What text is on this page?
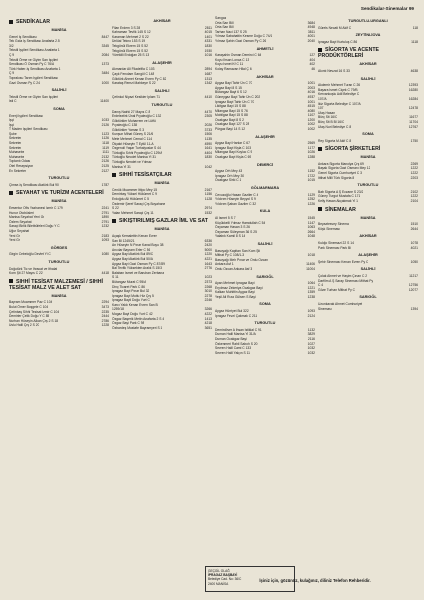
Sendikalar-Sinemalar 99
SENDİKALAR
MANİSA
Genel İş Sendikası	8447
Tek Gıda İş Sendikası Anafarta 2.5
3/2	3345
Tekstil İşçileri Sendikası Anafarta 1
Ç 9	2084
Tekstil Örme ve Giyim San İşçileri
Sendikası Ö Osman Py C 76/A	1373
Türk Haber-İş Sendikası Anafarta 1
Ç 9	3484
Toprakısu Tarım İşçileri Sendikası
Gazi Osman Py C 24	1000
SALİHLİ
Tekstil Örme ve Giyim San İşçileri
İsti C	11400
SOMA
Enerji İşçileri Sendikası
İşçi	1033
İşçi	2126
T Maden İşçileri Sendikası
Şube	1123
Sekreter	1126
Sekreter	1118
Sekreter	1119
Muhasebe	1111
Muhasebe	2132
Toplantı Odası	2126
Otel Resepsiyon	2125
Ev Sekreter	2127
TURGUTLU
Çimse-İş Sendikası Atatürk Bul 90	1787
SEYAHAT VE TURİZM ACENTELERİ
MANİSA
Eesentur Ofis Yazhanesi İzmir C 179	2241
Hunur Otobüsleri	2791
Manisa Seyahat Yeni Gr	1890
Özlem Seyahat	2791
Saraçi Birlik Biletbüfeleri Doğu Y C	1232
Uğur Seyahat
Yeni Gr	2183
Yeni Gr	1093
GÖRDES
Girgin Cebeloğlu Devlet Yi C	1080
TURGUTLU
Doğutürk Tic ve İhracat ve İthalat
Kom Şti 27 Mayıs C 22	4418
SIHHİ TESİSAT MALZEMESİ / SIHHİ TESİSAT MALZ VE ALET SAT
MANİSA
Bayram Muammer Paz C 104	2294
Bulut Ömer Boşgele C 104	3473
Çetinbaş Sihhi Tesisat İzmir C 104	2235
Demirler Çelik Doğu Y C 85	2444
Nurhan Hüseyin Alkan Çrş 2 S 18	2786
Uslu Halil Çrş 2 S 20	1228
AKHİSAR
Filan Erdem 3 S 28	2811
Kahraman Tevfik 145 S 12	4015
Karaman Mehmet 2 S 22	1401
Ünlüal Tekno 153 S 19	4331
Tekgönül Ekrem 15 S 52	1830
Tekgönül Ekrem 15 S 52	1930
Yüreklili Erdoğan 25 S 13	1016
ALAŞEHİR
Akmardar Ali Filadelfia C 103	2894
Çayk Fenolam Sarıgöl C 148	1687
Göktürk Ahmet Kenan Evren Py C 82	1313
Karataş Remzi Mahkeye S 22	1342
SALİHLİ
Çetinkol Niyazi Kesikier İplam 71	4410
TURGUTLU
Danış Nairki 27 Mayıs C 8	4470
Erdeleztirk Ünal Pıyaleoğlu C 132	2305
Göktürkler Muharrem ve Lütfü
Pıyaleoğlu C 138	2026
Göktürkler Yaman S 3	3733
Kunşun Mihat Güneş S 21/6	1506
Mete Mehmet Cemal C 114	1135
Ölçakıt Hüseyin T Eylül 11-A	4590
Özgenoll Yaşar Turhalyoslar S 44	1641
Türkoğlu Sıhhi Pıyaleoğlu C 129/A	4404
Türkoğlu Necdet Manisa Yi 31	1830
Türkoğlu Nendet ve Yılmaz
Manisa Yi 31	1042
SIHHİ TESİSATÇILAR
MANİSA
Cenük Muammer Ittipo Mey 15	2167
Demirbay Yüksel Hükümet C 9	1156
Erdoğdu Ali Hükümet C 5	1128
Özdemir Şeref Saraçi Çrş Boyahane
S 22	2974
Yalan Mehmet Saraçi Çrş 11	1532
SIKIŞTIRILMIŞ GAZLAR İML VE SAT
MANİSA
Açaşk Kemalettin Kenan Evren
San Bl 1245/21	6336
Arı Hüseyin N Pınar Kanal Boyu 38	2420
Arıcılar Bayram Erler C 56	5000
Aygaz Bayi Atatürk Bul 89/C	1220
Aygaz Bayi Atatürk Bul 50/A	4221
Aygaz Bayi Gazi Osman Py C 87/89	1643
Bal Tevfik Yüksekten Aralık S 15/3	2776
Balaban İsmet ve Baruhan Zerbana
S 11	1023
Bütangaz Murat C 95/A	2373
Dinç Ticaret Park C 86	2268
İpragaz Bayi Pınar Bul 32	3010
İpragaz Bayi Mutlu Hiz Çrş 5	2278
İpragaz Bayii Doğu Yurt C	2246
Karcı Yaldı Kenan Evren San Bl
1259/18	3266
Mogaz Bayi Doğu Yurt C 42	4222
Özgaz Başerik Metin Anafarta 2 S 4	1413
Özgaz Bayi Park C 98	4218
Özbardeş Mustafe Bayramyeri S 1	3651
Sarıgaz
Orta San Bill	3684
Orta San Bill	4948
Tarhan Naci 137 S 25	3811
Yılmaz Sabahattin Kesme Doğu C 74/1	4001
Yılmaz Şahin Gazi Osman Py C 26	2040
AHMETLİ
Karaşahin Osman Demirci C 64	127
Koyu İhsan Lonca C 13	404
Koyu İsmet Kf C 11	402
Kolay Ramazan Hilal Ç 6	46
AKHİSAR
Aygaz Bayi Tahir Ün C 70	1001
Aygaz Bayi 8 S 15	2003
Bütangaz Bayi 6 S 12	4016
Güneygaz Bayi Tahir Ün C 202	4937
Ipragaz Bayi Tahir Ün C 70	1001
Likitgaz Bayi 15 S 88	4515
Milangaz Bayi 15 S 76	4080
Mobilgaz Bayi 15 S 88	1107
Ocakgaz Bayi 8 S 2	1200
Ocakgaz Bayi 127 S 28	1002
Pürgaz Bayi 14 S 12	1002
ALAŞEHİR
Aygaz Bayi Hanlar C 67	2569
Ipragaz Bayi Kişla C 103	1177
Milangaz Bayi Koyluc C 9	1026
Ocakgaz Bayi Kişla C 69	1288
DEMİRCİ
Aygaz Orh Mey 43	1152
İpragaz Orh Mey 30	1722
Ocakgaz Sirki C 1	1015
GÖLMARMARA
Cevuzoğlu Hasan Gaziler C 4	1129
Yıldırım Hüseyin Beyyol S 9	1252
Yıldırım Şaban Gaziler C 32	1226
KULA
Al İsmet 5 S 7	1545
Küçükkelli Yılmaz Hamdullah C 54	1147
Özyaman Hasan 3 S 26	1063
Özyaman Süleyman 36 S 25	2664
Yalabık Kamil 8 S 14	1048
SALİHLİ
Basoyağı Kapitan San Kom Şti
Mithat Py C 108/1-3	1018
Basoyağı Meh Pınar ve Ordu Ozcan
Ankara Asf 1	11406
Ordu Ozcan Ankara Asf 3	11004
SARIGÖL
Ayan Mehmet İpragaz Bayi	1064
Eryılmaz Zekeriya Ocakgaz Bayi	1221
Kalkan Muhittin Aygaz Bayi	1359
Yeşil Ali Rıza Gülsen S Bayi	1238
SOMA
Aygaz Hürriyet Bul 322	1093
İpragaz Fevzi Çakmak C 211	2124
TURGUTLU
Demirdöver A İhsan İstiklal C 91	1132
Duman Halil Manisa Yi 31/A	3829
Duman Ocakgaz Bayi	2116
Özkenmeri Rahil Saboh S 20	1027
Sevren Halil Cami C 133	1032
Sevren Halil Yalçın S 11	1032
TURGUTLU-URGANLI
Gürels Necati M Akif C	118
ZEYTİNLİOVA
İpragaz Bayi Kurtuluş C 86	1118
SİGORTA VE ACENTE PRODÜKTÖRLERİ
AKHİSAR
Akıntı Nevzat 16 S 33	4638
SALİHLİ
Akdemir Mehmet Turan C 26	12393
Başara İsmet Ciçek C 79/B	16280
Kervankoşlu Adil Belediye C
107/A	16284
İkiz Sigorta Belediye C 107/A
107	12478
Ulaş Hasan
Bürç Sit 16/C	11677
Bürç Sit B Bl 16/C	11704
Ulaş Nuri Belediye C 8	12767
SOMA
Rey Sigorta M Akif C 8	1750
SİGORTA ŞİRKETLERİ
MANİSA
Ankara Sigorta Manolya Çrş 69	2269
Başak Sigorta Gazi Osmanı Mey 12	1222
Genel Sigorta Cumhuriyet C 3	1222
İttihat Milli Türk Sigorta 8	2203
TURGUTLU
Bab Sigorta A Ş Eczane S 23/2	2102
Güney Turgut Mustafa C 171	1222
Kelly Hasan Akçakmak Yi 1	2104
SİNEMALAR
MANİSA
Beyaztesvey Sinema	1510
Köşk Sineması	2644
AKHİSAR
Kuldjo Sinemazi 22 S 14	1078
Park Sineması Park Bi	4021
ALAŞEHİR
Şehir Sineması Kenan Evren Py C	1050
SALİHLİ
Çolak Ahmet ve Haşim Çınan C 2	11217
Darfilm A Ş Saray Sineması Mithat Py
C 4	12756
Göze Turhan Mithat Py C	12077
SARIGÖL
Uzunkavak Ahmet Cumhuriyet
Sineması	1394
GEÇGİL OLAĞ
İPRAGAZ BAŞBAYİ
Belediye Cad. No: 36/C
2400 MANİSA
İşiniz için, gözünüz, kulağınız, diliniz Telefon Rehberidir.
